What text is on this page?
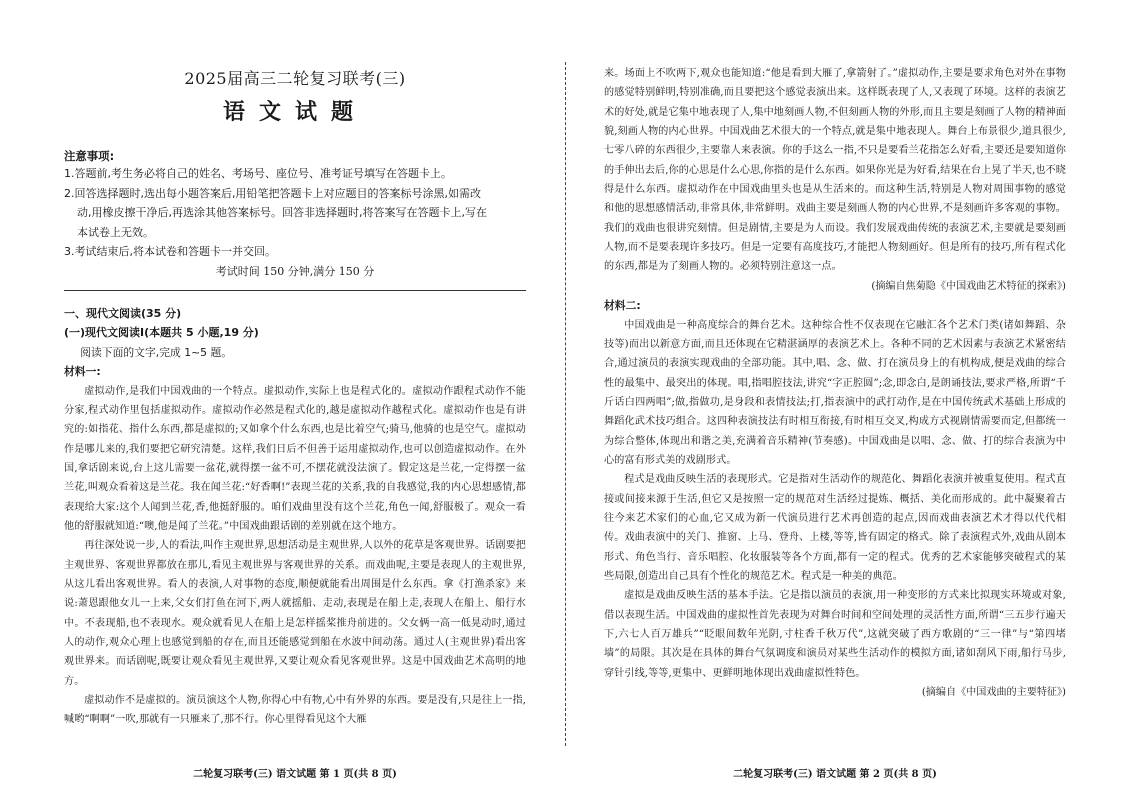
2025届高三二轮复习联考(三)
语文试题
注意事项:

1.答题前,考生务必将自己的姓名、考场号、座位号、准考证号填写在答题卡上。

2.回答选择题时,选出每小题答案后,用铅笔把答题卡上对应题目的答案标号涂黑,如需改

动,用橡皮擦干净后,再选涂其他答案标号。回答非选择题时,将答案写在答题卡上,写在

本试卷上无效。

3.考试结束后,将本试卷和答题卡一并交回。

考试时间 150 分钟,满分 150 分

一、现代文阅读(35 分)

(一)现代文阅读Ⅰ(本题共 5 小题,19 分)

阅读下面的文字,完成 1~5 题。

材料一:

虚拟动作,是我们中国戏曲的一个特点。虚拟动作,实际上也是程式化的。虚拟动作跟程式动作不能分家,程式动作里包括虚拟动作。虚拟动作必然是程式化的,越是虚拟动作越程式化。虚拟动作也是有讲究的:如指花、指什么东西,都是虚拟的;又如拿个什么东西,也是比着空气;骑马,他骑的也是空气。虚拟动作是哪儿来的,我们要把它研究清楚。这样,我们日后不但善于运用虚拟动作,也可以创造虚拟动作。在外国,拿话剧来说,台上这儿需要一盆花,就得摆一盆不可,不摆花就没法演了。假定这是兰花,一定得摆一盆兰花,叫观众看着这是兰花。我在闻兰花:“好香啊!”表现兰花的关系,我的自我感觉,我的内心思想感情,都表现给大家:这个人闻到兰花,香,他挺舒服的。咱们戏曲里没有这个兰花,角色一闻,舒服极了。观众一看他的舒服就知道:“噢,他是闻了兰花。”中国戏曲跟话剧的差别就在这个地方。

再往深处说一步,人的看法,叫作主观世界,思想活动是主观世界,人以外的花草是客观世界。话剧要把主观世界、客观世界都放在那儿,看见主观世界与客观世界的关系。而戏曲呢,主要是表现人的主观世界,从这儿看出客观世界。看人的表演,人对事物的态度,顺便就能看出周围是什么东西。拿《打渔杀家》来说:萧恩跟他女儿一上来,父女们打鱼在河下,两人就摇船、走动,表现是在船上走,表现人在船上、船行水中。不表现船,也不表现水。观众就看见人在船上是怎样摇桨推舟前进的。父女俩一高一低晃动时,通过人的动作,观众心理上也感觉到船的存在,而且还能感觉到船在水波中间动荡。通过人(主观世界)看出客观世界来。而话剧呢,既要让观众看见主观世界,又要让观众看见客观世界。这是中国戏曲艺术高明的地方。

虚拟动作不是虚拟的。演员演这个人物,你得心中有物,心中有外界的东西。要是没有,只是往上一指,喊哟“啊啊”一吹,那就有一只雁来了,那不行。你心里得看见这个大雁

二轮复习联考(三) 语文试题 第 1 页(共 8 页)

来。场面上不吹两下,观众也能知道:“他是看到大雁了,拿箭射了。”虚拟动作,主要是要求角色对外在事物的感觉特别鲜明,特别准确,而且要把这个感觉表演出来。这样既表现了人,又表现了环境。这样的表演艺术的好处,就是它集中地表现了人,集中地刻画人物,不但刻画人物的外形,而且主要是刻画了人物的精神面貌,刻画人物的内心世界。中国戏曲艺术很大的一个特点,就是集中地表现人。舞台上布景很少,道具很少,七零八碎的东西很少,主要靠人来表演。你的手这么一指,不只是要看兰花指怎么好看,主要还是要知道你的手伸出去后,你的心思是什么心思,你指的是什么东西。如果你光是为好看,结果在台上晃了半天,也不晓得是什么东西。虚拟动作在中国戏曲里头也是从生活来的。而这种生活,特别是人物对周围事物的感觉和他的思想感情活动,非常具体,非常鲜明。戏曲主要是刻画人物的内心世界,不是刻画许多客观的事物。我们的戏曲也很讲究刻情。但是剧情,主要是为人而设。我们发展戏曲传统的表演艺术,主要就是要刻画人物,而不是要表现许多技巧。但是一定要有高度技巧,才能把人物刻画好。但是所有的技巧,所有程式化的东西,都是为了刻画人物的。必须特别注意这一点。

(摘编自焦菊隐《中国戏曲艺术特征的探索》)

材料二:

中国戏曲是一种高度综合的舞台艺术。这种综合性不仅表现在它融汇各个艺术门类(诸如舞蹈、杂技等)而出以新意方面,而且还体现在它精湛涵厚的表演艺术上。各种不同的艺术因素与表演艺术紧密结合,通过演员的表演实现戏曲的全部功能。其中,唱、念、做、打在演员身上的有机构成,便是戏曲的综合性的最集中、最突出的体现。唱,指唱腔技法,讲究“字正腔圆”;念,即念白,是朗诵技法,要求严格,所谓“千斤话白四两唱”;做,指做功,是身段和表情技法;打,指表演中的武打动作,是在中国传统武术基础上形成的舞蹈化武术技巧组合。这四种表演技法有时相互衔接,有时相互交叉,构成方式视剧情需要而定,但都统一为综合整体,体现出和谐之美,充满着音乐精神(节奏感)。中国戏曲是以唱、念、做、打的综合表演为中心的富有形式美的戏剧形式。

程式是戏曲反映生活的表现形式。它是指对生活动作的规范化、舞蹈化表演并被重复使用。程式直接或间接来源于生活,但它又是按照一定的规范对生活经过提炼、概括、美化而形成的。此中凝聚着古往今来艺术家们的心血,它又成为新一代演员进行艺术再创造的起点,因而戏曲表演艺术才得以代代相传。戏曲表演中的关门、推窗、上马、登舟、上楼,等等,皆有固定的格式。除了表演程式外,戏曲从剧本形式、角色当行、音乐唱腔、化妆服装等各个方面,都有一定的程式。优秀的艺术家能够突破程式的某些局限,创造出自己具有个性化的规范艺术。程式是一种美的典范。

虚拟是戏曲反映生活的基本手法。它是指以演员的表演,用一种变形的方式来比拟现实环境或对象,借以表现生活。中国戏曲的虚拟性首先表现为对舞台时间和空间处理的灵活性方面,所谓“三五步行遍天下,六七人百万雄兵”“眨眼间数年光阴,寸柱香千秋万代”,这就突破了西方歌剧的“三一律”与“第四堵墙”的局限。其次是在具体的舞台气氛调度和演员对某些生活动作的模拟方面,诸如刮风下雨,船行马步,穿针引线,等等,更集中、更鲜明地体现出戏曲虚拟性特色。

(摘编自《中国戏曲的主要特征》)

二轮复习联考(三) 语文试题 第 2 页(共 8 页)
